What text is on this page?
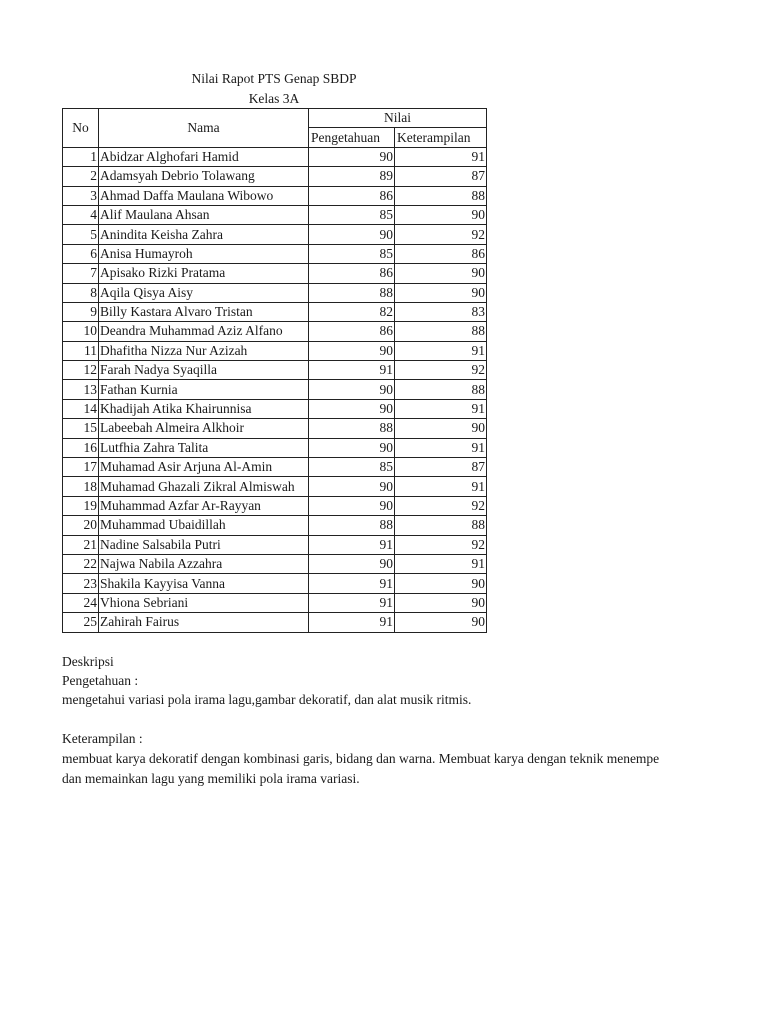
Nilai Rapot PTS Genap SBDP
Kelas 3A
No	Nama	Nilai	
		Pengetahuan	Keterampilan
1	Abidzar Alghofari Hamid	90	91
2	Adamsyah Debrio Tolawang	89	87
3	Ahmad Daffa Maulana Wibowo	86	88
4	Alif Maulana Ahsan	85	90
5	Anindita Keisha Zahra	90	92
6	Anisa Humayroh	85	86
7	Apisako Rizki Pratama	86	90
8	Aqila Qisya Aisy	88	90
9	Billy Kastara Alvaro Tristan	82	83
10	Deandra Muhammad Aziz Alfano	86	88
11	Dhafitha Nizza Nur Azizah	90	91
12	Farah Nadya Syaqilla	91	92
13	Fathan Kurnia	90	88
14	Khadijah Atika Khairunnisa	90	91
15	Labeebah Almeira Alkhoir	88	90
16	Lutfhia Zahra Talita	90	91
17	Muhamad Asir Arjuna Al-Amin	85	87
18	Muhamad Ghazali Zikral Almiswah	90	91
19	Muhammad Azfar Ar-Rayyan	90	92
20	Muhammad Ubaidillah	88	88
21	Nadine Salsabila Putri	91	92
22	Najwa Nabila Azzahra	90	91
23	Shakila Kayyisa Vanna	91	90
24	Vhiona Sebriani	91	90
25	Zahirah Fairus	91	90
Deskripsi
Pengetahuan :
mengetahui variasi pola irama lagu,gambar dekoratif, dan alat musik ritmis.
Keterampilan :
membuat karya dekoratif dengan kombinasi garis, bidang dan warna. Membuat karya dengan teknik menempe
dan memainkan lagu yang memiliki pola irama variasi.
